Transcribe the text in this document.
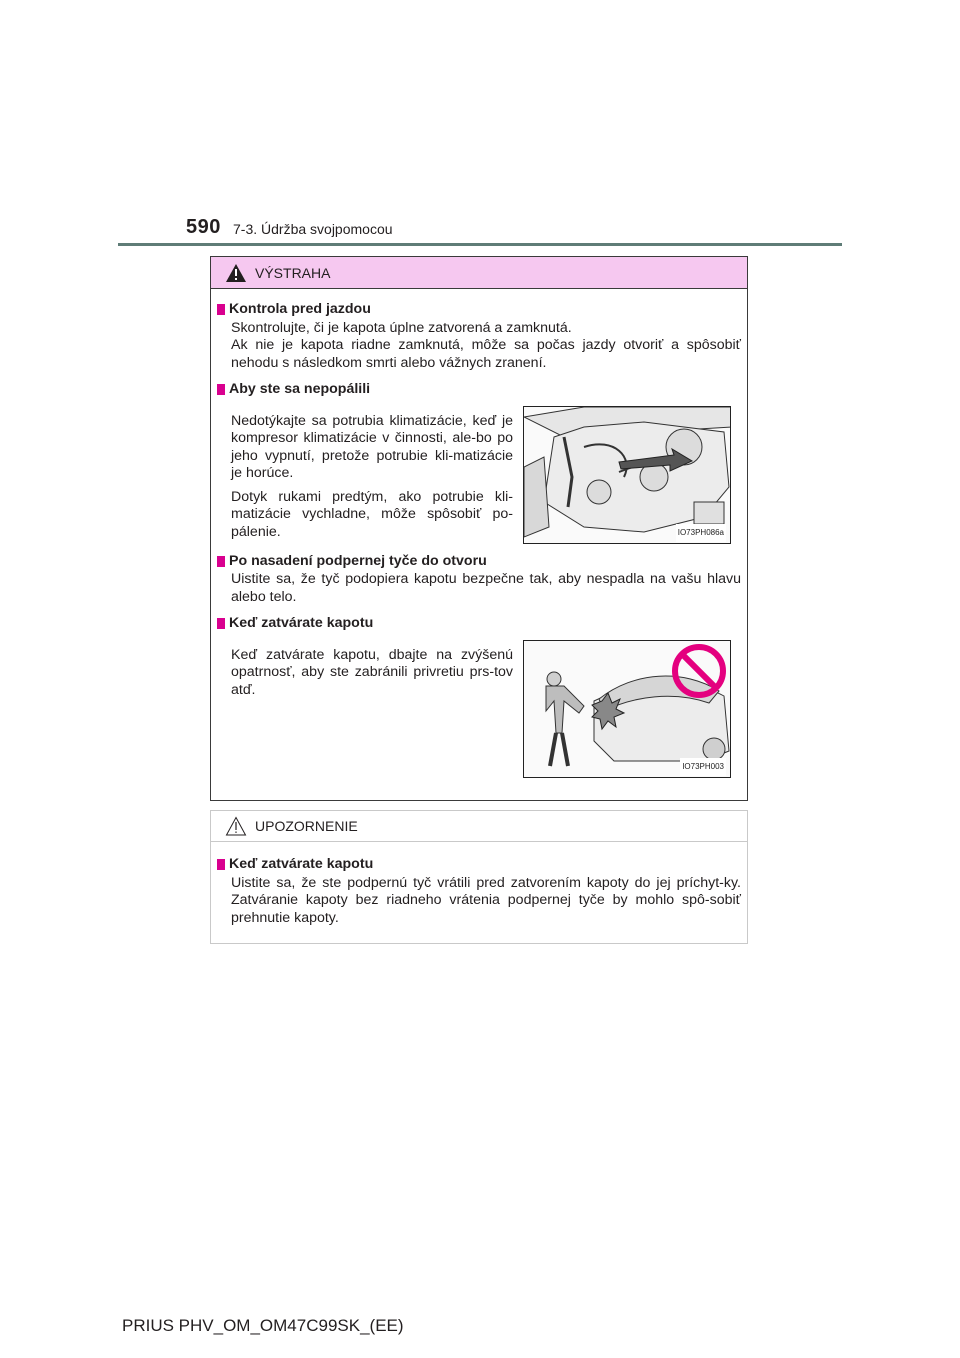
590 7-3. Údržba svojpomocou
VÝSTRAHA
Kontrola pred jazdou
Skontrolujte, či je kapota úplne zatvorená a zamknutá.
Ak nie je kapota riadne zamknutá, môže sa počas jazdy otvoriť a spôsobiť nehodu s následkom smrti alebo vážnych zranení.
Aby ste sa nepopálili
Nedotýkajte sa potrubia klimatizácie, keď je kompresor klimatizácie v činnosti, ale-bo po jeho vypnutí, pretože potrubie kli-matizácie je horúce.
Dotyk rukami predtým, ako potrubie kli-matizácie vychladne, môže spôsobiť po-pálenie.	IO73PH086a
Po nasadení podpernej tyče do otvoru
Uistite sa, že tyč podopiera kapotu bezpečne tak, aby nespadla na vašu hlavu alebo telo.
Keď zatvárate kapotu
Keď zatvárate kapotu, dbajte na zvýšenú opatrnosť, aby ste zabránili privretiu prs-tov atď.
IO73PH003
UPOZORNENIE
Keď zatvárate kapotu
Uistite sa, že ste podpernú tyč vrátili pred zatvorením kapoty do jej príchyt-ky. Zatváranie kapoty bez riadneho vrátenia podpernej tyče by mohlo spô-sobiť prehnutie kapoty.
PRIUS PHV_OM_OM47C99SK_(EE)
